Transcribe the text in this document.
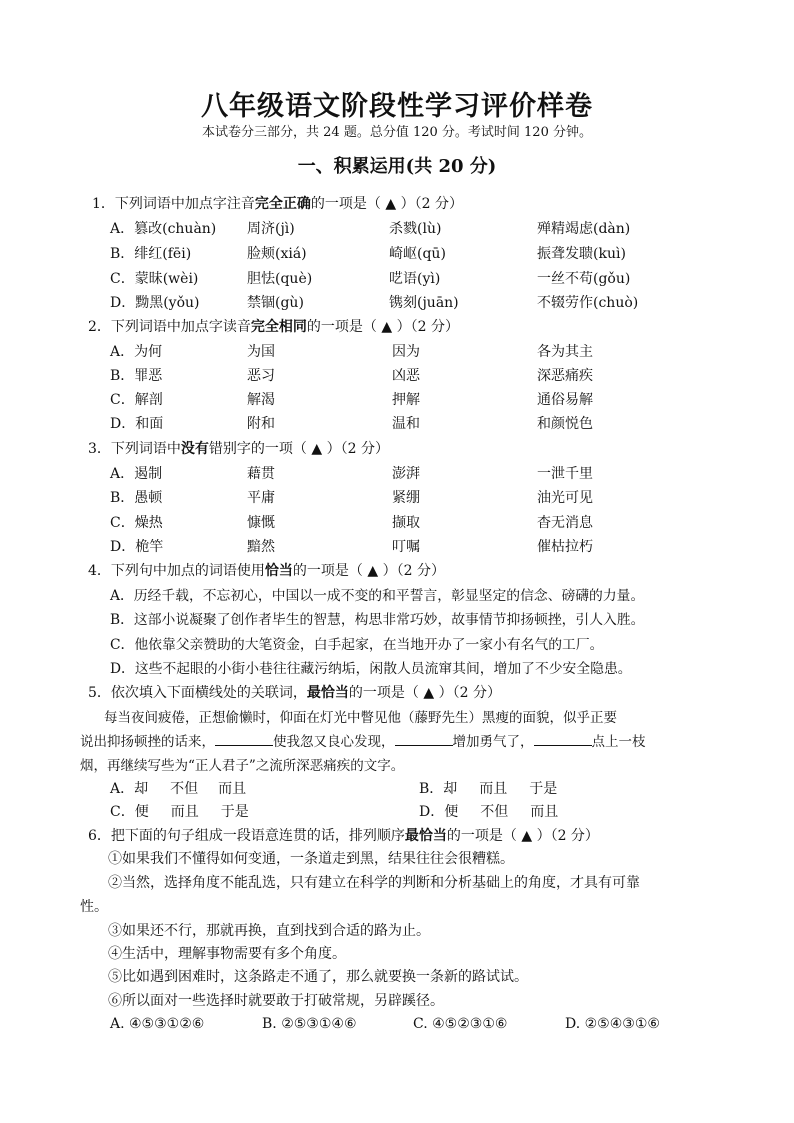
八年级语文阶段性学习评价样卷
本试卷分三部分，共 24 题。总分值 120 分。考试时间 120 分钟。
一、积累运用(共 20 分)
1．下列词语中加点字注音完全正确的一项是（ ▲ ）（2 分）
A．篡改(chuàn) 周济(jì)	杀戮(lù)	殚精竭虑(dàn)
B．绯红(fēi)	脸颊(xiá)	崎岖(qū)	振聋发聩(kuì)
C．蒙昧(wèi)	胆怯(què)	呓语(yì)	一丝不苟(gǒu)
D．黝黑(yǒu)	禁锢(gù)	镌刻(juān)	不辍劳作(chuò)
2．下列词语中加点字读音完全相同的一项是（ ▲ ）（2 分）
A．为何	为国	因为	各为其主
B．罪恶	恶习	凶恶	深恶痛疾
C．解剖	解渴	押解	通俗易解
D．和面	附和	温和	和颜悦色
3．下列词语中没有错别字的一项（ ▲ ）（2 分）
A．遏制	藉贯	澎湃	一泄千里
B．愚顿	平庸	紧绷	油光可见
C．燥热	慷慨	撷取	杳无消息
D．桅竿	黯然	叮嘱	催枯拉朽
4．下列句中加点的词语使用恰当的一项是（ ▲ ）（2 分）
A．历经千载，不忘初心，中国以一成不变的和平誓言，彰显坚定的信念、磅礴的力量。
B．这部小说凝聚了创作者毕生的智慧，构思非常巧妙，故事情节抑扬顿挫，引人入胜。
C．他依靠父亲赞助的大笔资金，白手起家，在当地开办了一家小有名气的工厂。
D．这些不起眼的小街小巷往往藏污纳垢，闲散人员流窜其间，增加了不少安全隐患。
5．依次填入下面横线处的关联词，最恰当的一项是（ ▲ ）（2 分）
每当夜间疲倦，正想偷懒时，仰面在灯光中瞥见他（藤野先生）黑瘦的面貌，似乎正要
说出抑扬顿挫的话来，	使我忽又良心发现，	增加勇气了，	点上一枝
烟，再继续写些为“正人君子”之流所深恶痛疾的文字。
A．却 不但 而且	B．却 而且 于是
C．便 而且 于是	D．便 不但 而且
6．把下面的句子组成一段语意连贯的话，排列顺序最恰当的一项是（ ▲ ）（2 分）
①如果我们不懂得如何变通，一条道走到黑，结果往往会很糟糕。
②当然，选择角度不能乱选，只有建立在科学的判断和分析基础上的角度，才具有可靠
性。
③如果还不行，那就再换，直到找到合适的路为止。
④生活中，理解事物需要有多个角度。
⑤比如遇到困难时，这条路走不通了，那么就要换一条新的路试试。
⑥所以面对一些选择时就要敢于打破常规，另辟蹊径。
A. ④⑤③①②⑥	B. ②⑤③①④⑥	C. ④⑤②③①⑥	D. ②⑤④③①⑥
